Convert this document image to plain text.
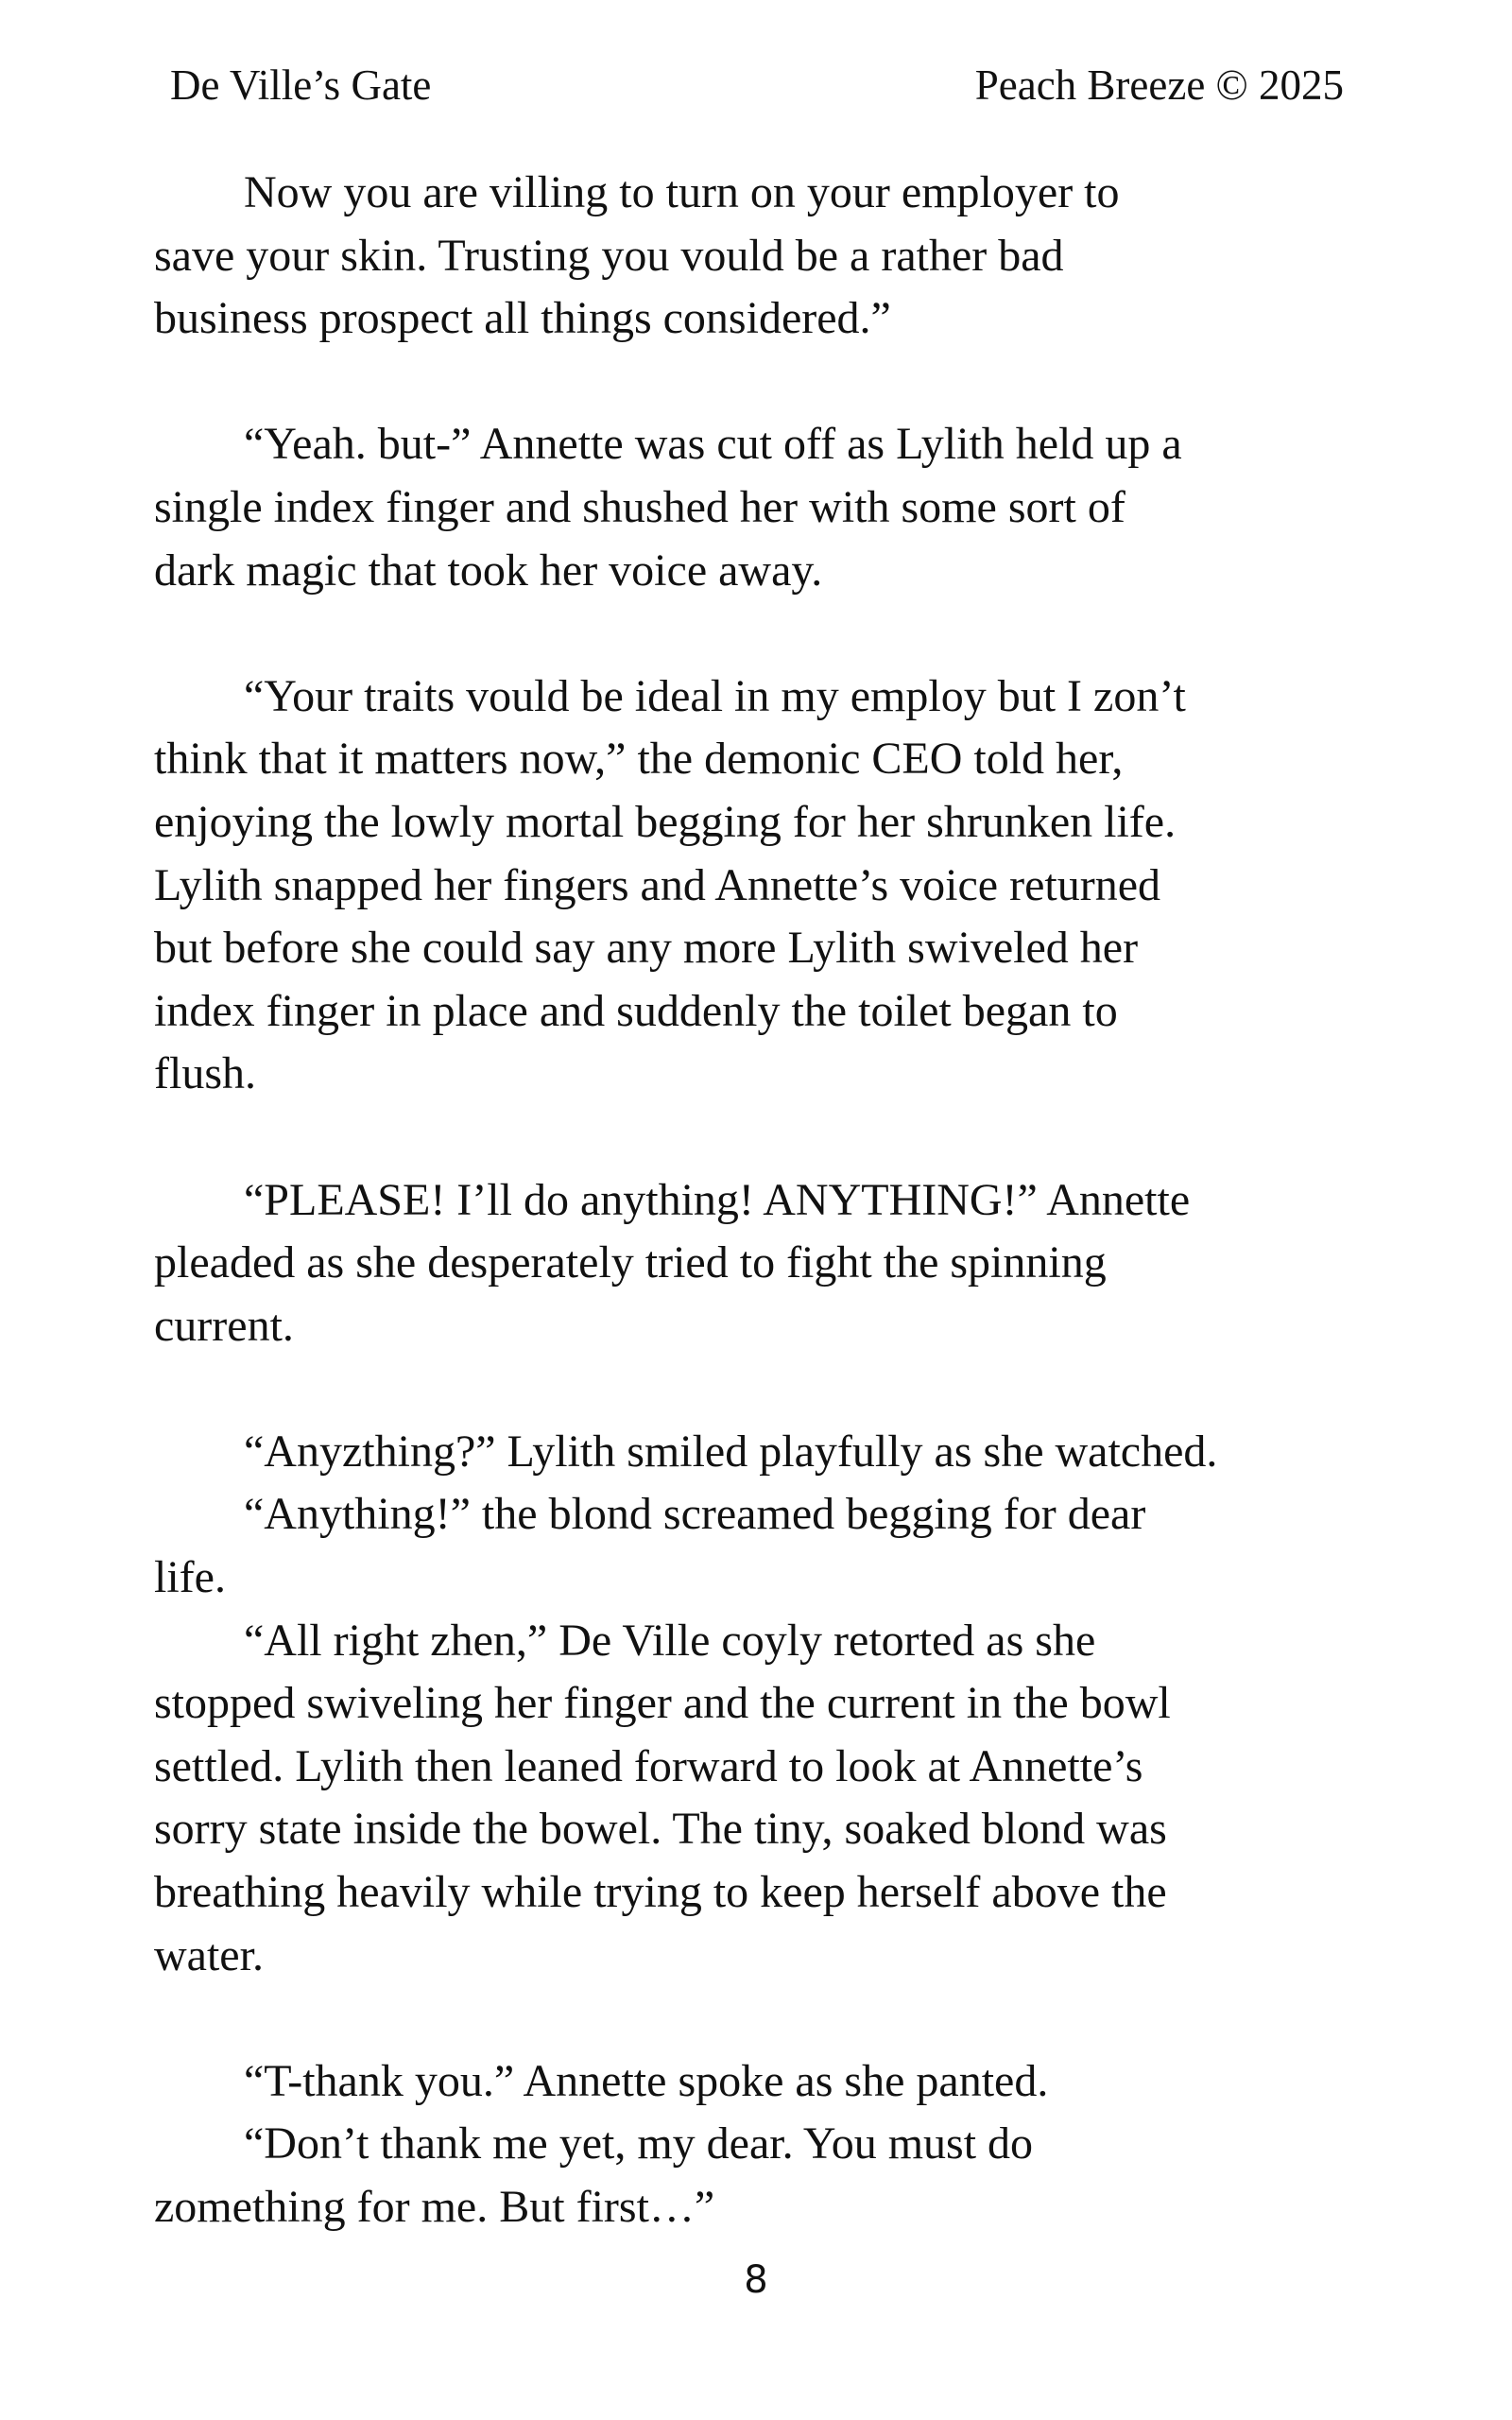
De Ville’s Gate	Peach Breeze © 2025
Now you are villing to turn on your employer to
save your skin. Trusting you vould be a rather bad
business prospect all things considered.”

“Yeah. but-” Annette was cut off as Lylith held up a
single index finger and shushed her with some sort of
dark magic that took her voice away.

“Your traits vould be ideal in my employ but I zon’t
think that it matters now,” the demonic CEO told her,
enjoying the lowly mortal begging for her shrunken life.
Lylith snapped her fingers and Annette’s voice returned
but before she could say any more Lylith swiveled her
index finger in place and suddenly the toilet began to
flush.

“PLEASE! I’ll do anything! ANYTHING!” Annette
pleaded as she desperately tried to fight the spinning
current.

“Anyzthing?” Lylith smiled playfully as she watched.
“Anything!” the blond screamed begging for dear
life.
“All right zhen,” De Ville coyly retorted as she
stopped swiveling her finger and the current in the bowl
settled. Lylith then leaned forward to look at Annette’s
sorry state inside the bowel. The tiny, soaked blond was
breathing heavily while trying to keep herself above the
water.

“T-thank you.” Annette spoke as she panted.
“Don’t thank me yet, my dear. You must do
zomething for me. But first…”
8
